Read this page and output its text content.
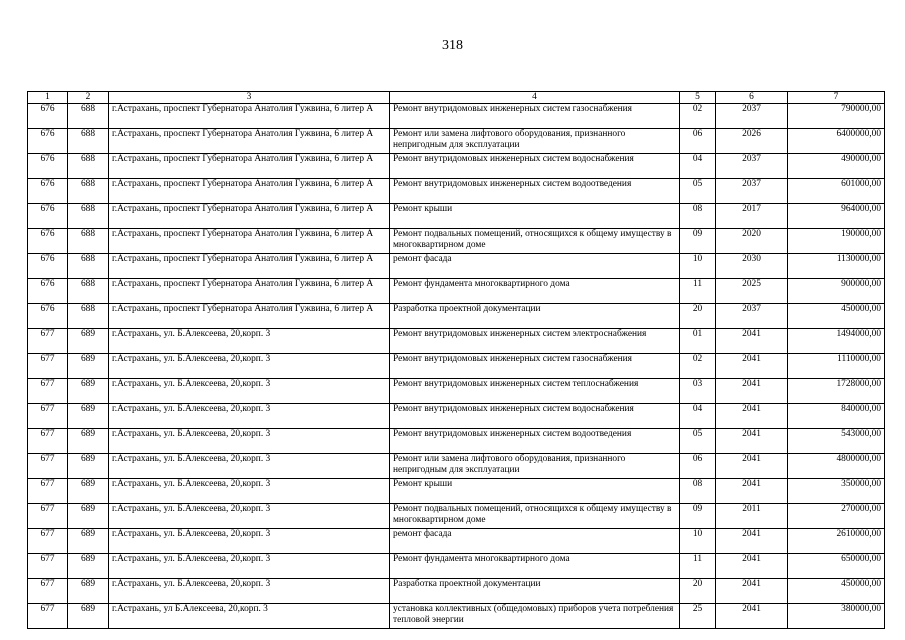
318
1	2	3	4	5	6	7
676	688	г.Астрахань, проспект Губернатора Анатолия Гужвина, 6 литер А	Ремонт внутридомовых инженерных систем газоснабжения	02	2037	790000,00
676	688	г.Астрахань, проспект Губернатора Анатолия Гужвина, 6 литер А	Ремонт или замена лифтового оборудования, признанного непригодным для эксплуатации	06	2026	6400000,00
676	688	г.Астрахань, проспект Губернатора Анатолия Гужвина, 6 литер А	Ремонт внутридомовых инженерных систем водоснабжения	04	2037	490000,00
676	688	г.Астрахань, проспект Губернатора Анатолия Гужвина, 6 литер А	Ремонт внутридомовых инженерных систем водоотведения	05	2037	601000,00
676	688	г.Астрахань, проспект Губернатора Анатолия Гужвина, 6 литер А	Ремонт крыши	08	2017	964000,00
676	688	г.Астрахань, проспект Губернатора Анатолия Гужвина, 6 литер А	Ремонт подвальных помещений, относящихся к общему имуществу в многоквартирном доме	09	2020	190000,00
676	688	г.Астрахань, проспект Губернатора Анатолия Гужвина, 6 литер А	ремонт фасада	10	2030	1130000,00
676	688	г.Астрахань, проспект Губернатора Анатолия Гужвина, 6 литер А	Ремонт фундамента многоквартирного дома	11	2025	900000,00
676	688	г.Астрахань, проспект Губернатора Анатолия Гужвина, 6 литер А	Разработка проектной документации	20	2037	450000,00
677	689	г.Астрахань, ул. Б.Алексеева, 20,корп. 3	Ремонт внутридомовых инженерных систем электроснабжения	01	2041	1494000,00
677	689	г.Астрахань, ул. Б.Алексеева, 20,корп. 3	Ремонт внутридомовых инженерных систем газоснабжения	02	2041	1110000,00
677	689	г.Астрахань, ул. Б.Алексеева, 20,корп. 3	Ремонт внутридомовых инженерных систем теплоснабжения	03	2041	1728000,00
677	689	г.Астрахань, ул. Б.Алексеева, 20,корп. 3	Ремонт внутридомовых инженерных систем водоснабжения	04	2041	840000,00
677	689	г.Астрахань, ул. Б.Алексеева, 20,корп. 3	Ремонт внутридомовых инженерных систем водоотведения	05	2041	543000,00
677	689	г.Астрахань, ул. Б.Алексеева, 20,корп. 3	Ремонт или замена лифтового оборудования, признанного непригодным для эксплуатации	06	2041	4800000,00
677	689	г.Астрахань, ул. Б.Алексеева, 20,корп. 3	Ремонт крыши	08	2041	350000,00
677	689	г.Астрахань, ул. Б.Алексеева, 20,корп. 3	Ремонт подвальных помещений, относящихся к общему имуществу в многоквартирном доме	09	2011	270000,00
677	689	г.Астрахань, ул. Б.Алексеева, 20,корп. 3	ремонт фасада	10	2041	2610000,00
677	689	г.Астрахань, ул. Б.Алексеева, 20,корп. 3	Ремонт фундамента многоквартирного дома	11	2041	650000,00
677	689	г.Астрахань, ул. Б.Алексеева, 20,корп. 3	Разработка проектной документации	20	2041	450000,00
677	689	г.Астрахань, ул Б.Алексеева, 20,корп. 3	установка коллективных (общедомовых) приборов учета потребления тепловой энергии	25	2041	380000,00
